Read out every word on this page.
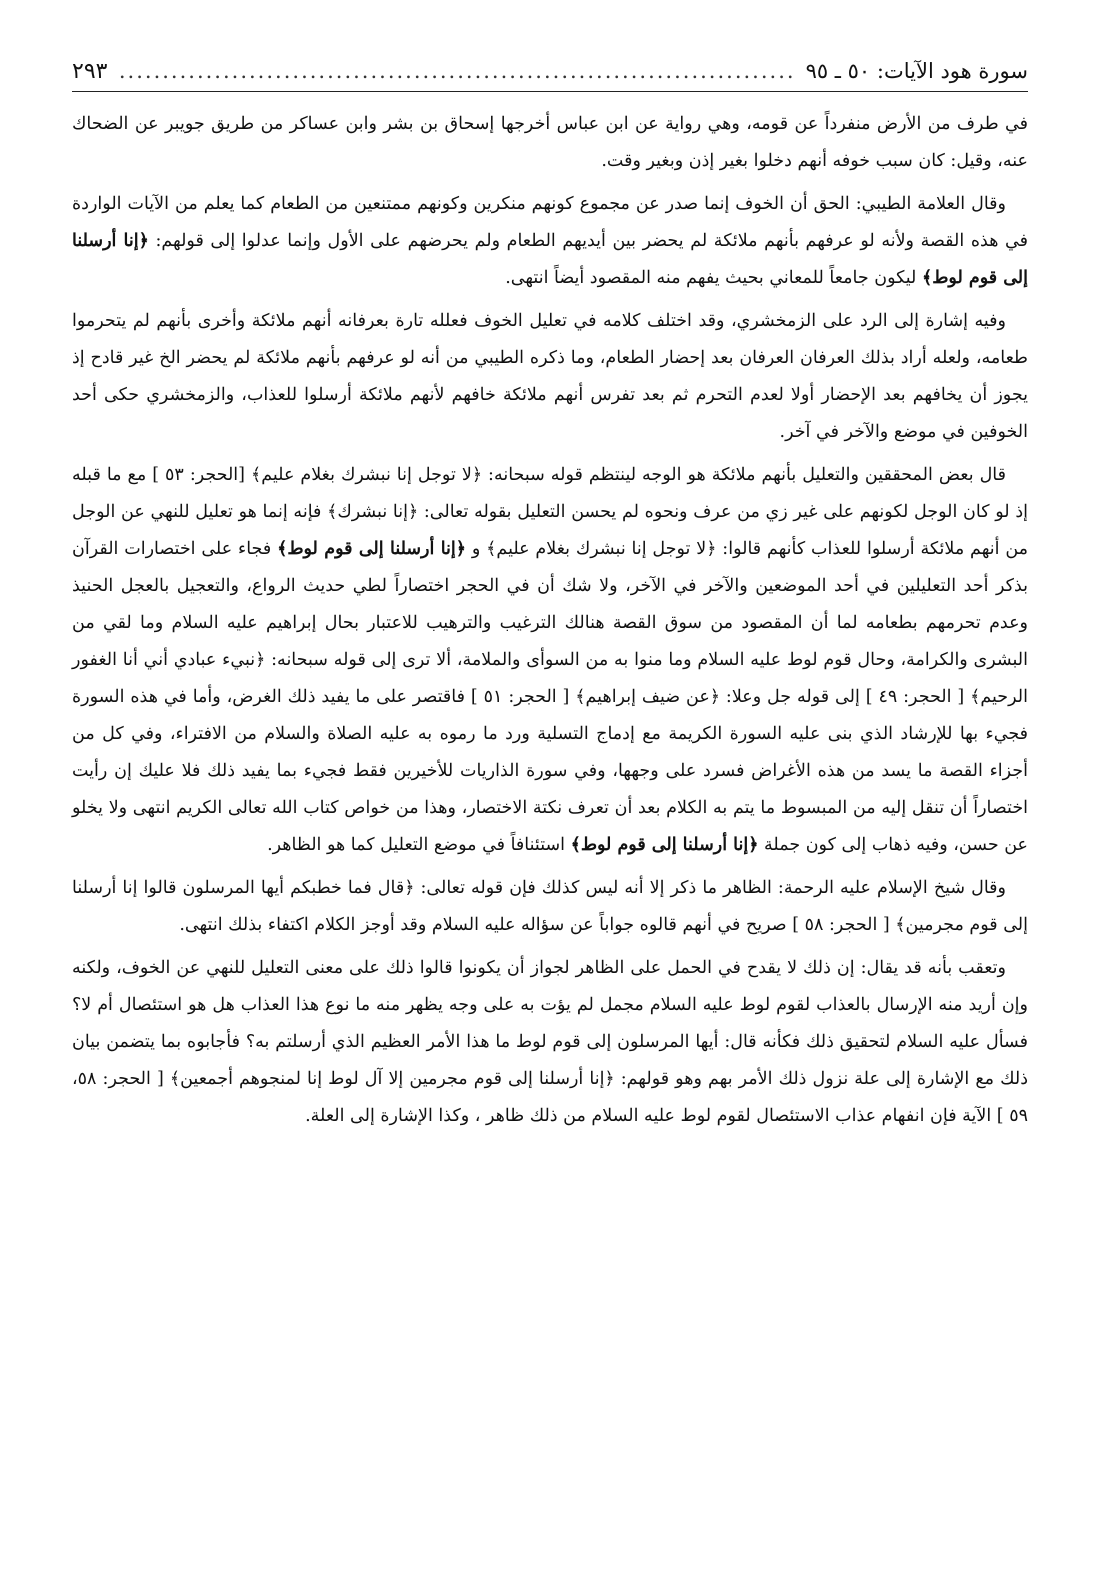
سورة هود الآيات: ٥٠ ـ ٩٥
.....
٢٩٣

في طرف من الأرض منفرداً عن قومه، وهي رواية عن ابن عباس أخرجها إسحاق بن بشر وابن عساكر من طريق جويبر عن الضحاك عنه، وقيل: كان سبب خوفه أنهم دخلوا بغير إذن وبغير وقت.

وقال العلامة الطيبي: الحق أن الخوف إنما صدر عن مجموع كونهم منكرين وكونهم ممتنعين من الطعام كما يعلم من الآيات الواردة في هذه القصة ولأنه لو عرفهم بأنهم ملائكة لم يحضر بين أيديهم الطعام ولم يحرضهم على الأول وإنما عدلوا إلى قولهم: ﴿إنا أرسلنا إلى قوم لوط﴾ ليكون جامعاً للمعاني بحيث يفهم منه المقصود أيضاً انتهى.

وفيه إشارة إلى الرد على الزمخشري، وقد اختلف كلامه في تعليل الخوف فعلله تارة بعرفانه أنهم ملائكة وأخرى بأنهم لم يتحرموا طعامه، ولعله أراد بذلك العرفان العرفان بعد إحضار الطعام، وما ذكره الطيبي من أنه لو عرفهم بأنهم ملائكة لم يحضر الخ غير قادح إذ يجوز أن يخافهم بعد الإحضار أولا لعدم التحرم ثم بعد تفرس أنهم ملائكة خافهم لأنهم ملائكة أرسلوا للعذاب، والزمخشري حكى أحد الخوفين في موضع والآخر في آخر.

قال بعض المحققين والتعليل بأنهم ملائكة هو الوجه لينتظم قوله سبحانه: ﴿لا توجل إنا نبشرك بغلام عليم﴾ [الحجر: ٥٣ ] مع ما قبله إذ لو كان الوجل لكونهم على غير زي من عرف ونحوه لم يحسن التعليل بقوله تعالى: ﴿إنا نبشرك﴾ فإنه إنما هو تعليل للنهي عن الوجل من أنهم ملائكة أرسلوا للعذاب كأنهم قالوا: ﴿لا توجل إنا نبشرك بغلام عليم﴾ و ﴿إنا أرسلنا إلى قوم لوط﴾ فجاء على اختصارات القرآن بذكر أحد التعليلين في أحد الموضعين والآخر في الآخر، ولا شك أن في الحجر اختصاراً لطي حديث الرواع، والتعجيل بالعجل الحنيذ وعدم تحرمهم بطعامه لما أن المقصود من سوق القصة هنالك الترغيب والترهيب للاعتبار بحال إبراهيم عليه السلام وما لقي من البشرى والكرامة، وحال قوم لوط عليه السلام وما منوا به من السوأى والملامة، ألا ترى إلى قوله سبحانه: ﴿نبيء عبادي أني أنا الغفور الرحيم﴾ [ الحجر: ٤٩ ] إلى قوله جل وعلا: ﴿عن ضيف إبراهيم﴾ [ الحجر: ٥١ ] فاقتصر على ما يفيد ذلك الغرض، وأما في هذه السورة فجيء بها للإرشاد الذي بنى عليه السورة الكريمة مع إدماج التسلية ورد ما رموه به عليه الصلاة والسلام من الافتراء، وفي كل من أجزاء القصة ما يسد من هذه الأغراض فسرد على وجهها، وفي سورة الذاريات للأخيرين فقط فجيء بما يفيد ذلك فلا عليك إن رأيت اختصاراً أن تنقل إليه من المبسوط ما يتم به الكلام بعد أن تعرف نكتة الاختصار، وهذا من خواص كتاب الله تعالى الكريم انتهى ولا يخلو عن حسن، وفيه ذهاب إلى كون جملة ﴿إنا أرسلنا إلى قوم لوط﴾ استئنافاً في موضع التعليل كما هو الظاهر.

وقال شيخ الإسلام عليه الرحمة: الظاهر ما ذكر إلا أنه ليس كذلك فإن قوله تعالى: ﴿قال فما خطبكم أيها المرسلون قالوا إنا أرسلنا إلى قوم مجرمين﴾ [ الحجر: ٥٨ ] صريح في أنهم قالوه جواباً عن سؤاله عليه السلام وقد أوجز الكلام اكتفاء بذلك انتهى.

وتعقب بأنه قد يقال: إن ذلك لا يقدح في الحمل على الظاهر لجواز أن يكونوا قالوا ذلك على معنى التعليل للنهي عن الخوف، ولكنه وإن أريد منه الإرسال بالعذاب لقوم لوط عليه السلام مجمل لم يؤت به على وجه يظهر منه ما نوع هذا العذاب هل هو استئصال أم لا؟ فسأل عليه السلام لتحقيق ذلك فكأنه قال: أيها المرسلون إلى قوم لوط ما هذا الأمر العظيم الذي أرسلتم به؟ فأجابوه بما يتضمن بيان ذلك مع الإشارة إلى علة نزول ذلك الأمر بهم وهو قولهم: ﴿إنا أرسلنا إلى قوم مجرمين إلا آل لوط إنا لمنجوهم أجمعين﴾ [ الحجر: ٥٨، ٥٩ ] الآية فإن انفهام عذاب الاستئصال لقوم لوط عليه السلام من ذلك ظاهر ، وكذا الإشارة إلى العلة.
